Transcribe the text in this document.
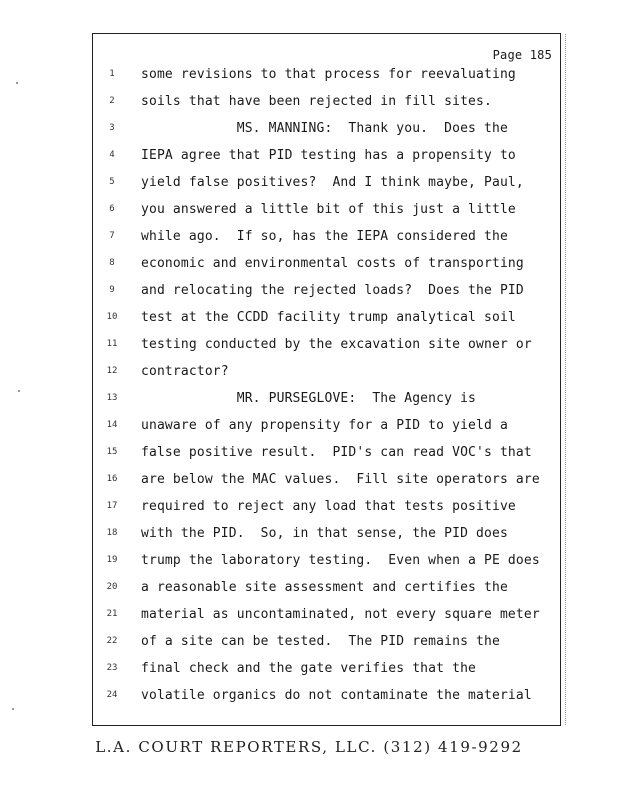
Page 185
1	some revisions to that process for reevaluating
2	soils that have been rejected in fill sites.
3	MS. MANNING:  Thank you.  Does the
4	IEPA agree that PID testing has a propensity to
5	yield false positives?  And I think maybe, Paul,
6	you answered a little bit of this just a little
7	while ago.  If so, has the IEPA considered the
8	economic and environmental costs of transporting
9	and relocating the rejected loads?  Does the PID
10	test at the CCDD facility trump analytical soil
11	testing conducted by the excavation site owner or
12	contractor?
13	MR. PURSEGLOVE:  The Agency is
14	unaware of any propensity for a PID to yield a
15	false positive result.  PID's can read VOC's that
16	are below the MAC values.  Fill site operators are
17	required to reject any load that tests positive
18	with the PID.  So, in that sense, the PID does
19	trump the laboratory testing.  Even when a PE does
20	a reasonable site assessment and certifies the
21	material as uncontaminated, not every square meter
22	of a site can be tested.  The PID remains the
23	final check and the gate verifies that the
24	volatile organics do not contaminate the material
L.A. COURT REPORTERS, LLC. (312) 419-9292
